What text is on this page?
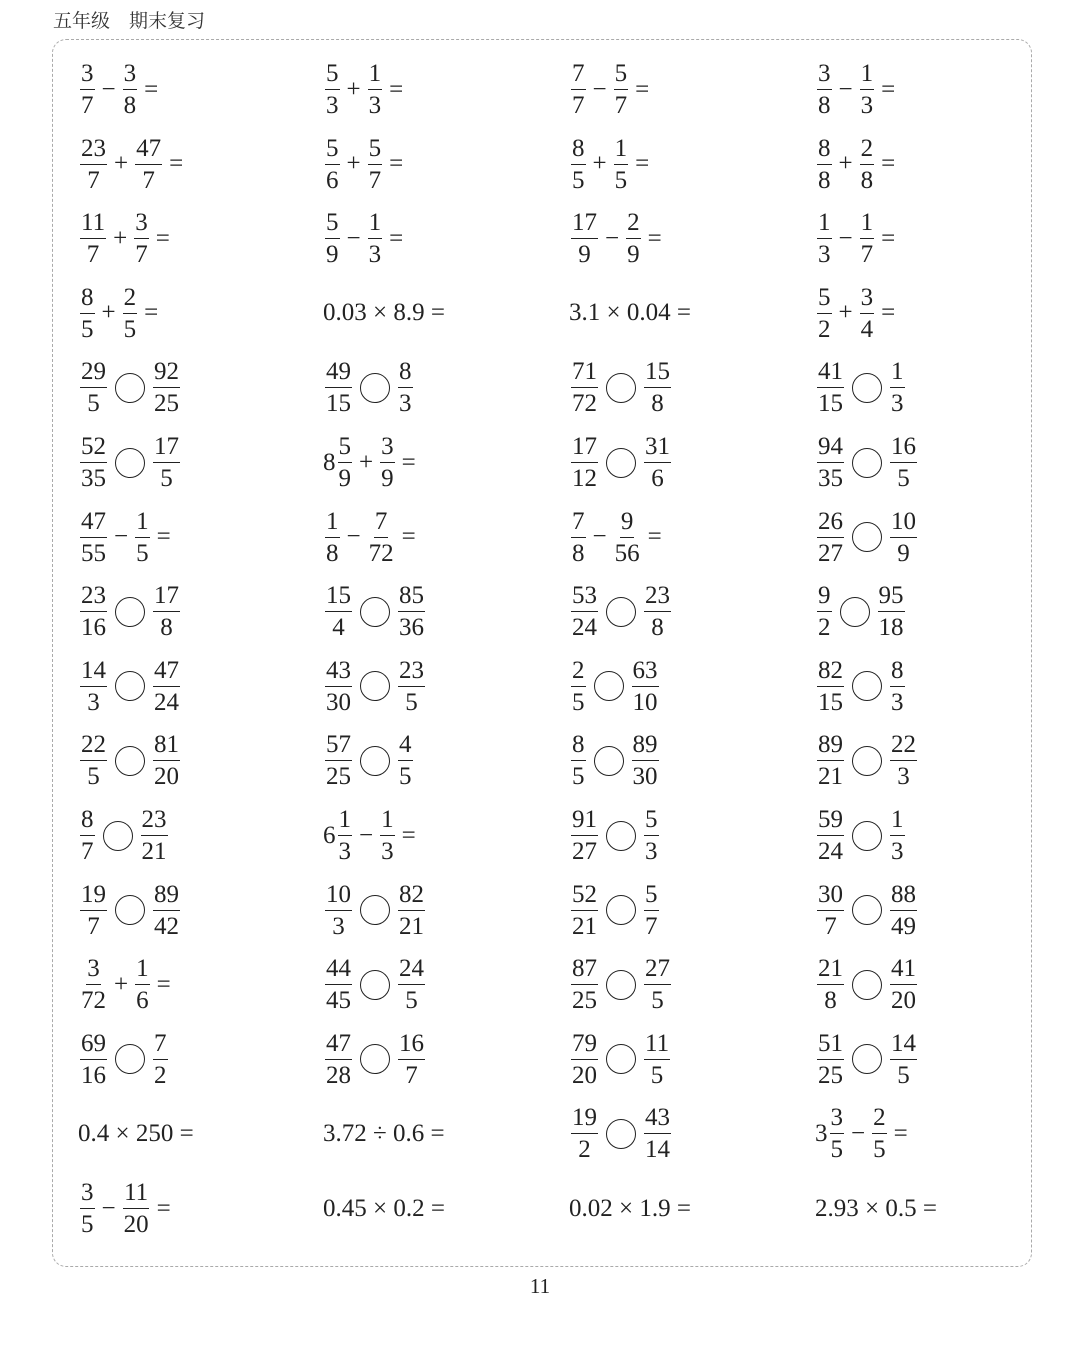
五年级　期末复习
$\frac{3}{7} - \frac{3}{8}$ =	$\frac{5}{3} + \frac{1}{3}$ =	$\frac{7}{7} - \frac{5}{7}$ =	$\frac{3}{8} - \frac{1}{3}$ =
$\frac{23}{7} + \frac{47}{7}$ =	$\frac{5}{6} + \frac{5}{7}$ =	$\frac{8}{5} + \frac{1}{5}$ =	$\frac{8}{8} + \frac{2}{8}$ =
$\frac{11}{7} + \frac{3}{7}$ =	$\frac{5}{9} - \frac{1}{3}$ =	$\frac{17}{9} - \frac{2}{9}$ =	$\frac{1}{3} - \frac{1}{7}$ =
$\frac{8}{5} + \frac{2}{5}$ =	0.03 × 8.9 =	3.1 × 0.04 =	$\frac{5}{2} + \frac{3}{4}$ =
$\frac{29}{5} \frac{92}{25}$	$\frac{49}{15} \frac{8}{3}$	$\frac{71}{72} \frac{15}{8}$	$\frac{41}{15} \frac{1}{3}$
$\frac{52}{35} \frac{17}{5}$	$8 \frac{5}{9} + \frac{3}{9}$ =	$\frac{17}{12} \frac{31}{6}$	$\frac{94}{35} \frac{16}{5}$
$\frac{47}{55} - \frac{1}{5}$ =	$\frac{1}{8} - \frac{7}{72}$ =	$\frac{7}{8} - \frac{9}{56}$ =	$\frac{26}{27} \frac{10}{9}$
$\frac{23}{16} \frac{17}{8}$	$\frac{15}{4} \frac{85}{36}$	$\frac{53}{24} \frac{23}{8}$	$\frac{9}{2} \frac{95}{18}$
$\frac{14}{3} \frac{47}{24}$	$\frac{43}{30} \frac{23}{5}$	$\frac{2}{5} \frac{63}{10}$	$\frac{82}{15} \frac{8}{3}$
$\frac{22}{5} \frac{81}{20}$	$\frac{57}{25} \frac{4}{5}$	$\frac{8}{5} \frac{89}{30}$	$\frac{89}{21} \frac{22}{3}$
$\frac{8}{7} \frac{23}{21}$	$6 \frac{1}{3} - \frac{1}{3}$ =	$\frac{91}{27} \frac{5}{3}$	$\frac{59}{24} \frac{1}{3}$
$\frac{19}{7} \frac{89}{42}$	$\frac{10}{3} \frac{82}{21}$	$\frac{52}{21} \frac{5}{7}$	$\frac{30}{7} \frac{88}{49}$
$\frac{3}{72} + \frac{1}{6}$ =	$\frac{44}{45} \frac{24}{5}$	$\frac{87}{25} \frac{27}{5}$	$\frac{21}{8} \frac{41}{20}$
$\frac{69}{16} \frac{7}{2}$	$\frac{47}{28} \frac{16}{7}$	$\frac{79}{20} \frac{11}{5}$	$\frac{51}{25} \frac{14}{5}$
0.4 × 250 =	3.72 ÷ 0.6 =	$\frac{19}{2} \frac{43}{14}$	$3 \frac{3}{5} - \frac{2}{5}$ =
$\frac{3}{5} - \frac{11}{20}$ =	0.45 × 0.2 =	0.02 × 1.9 =	2.93 × 0.5 =
11
